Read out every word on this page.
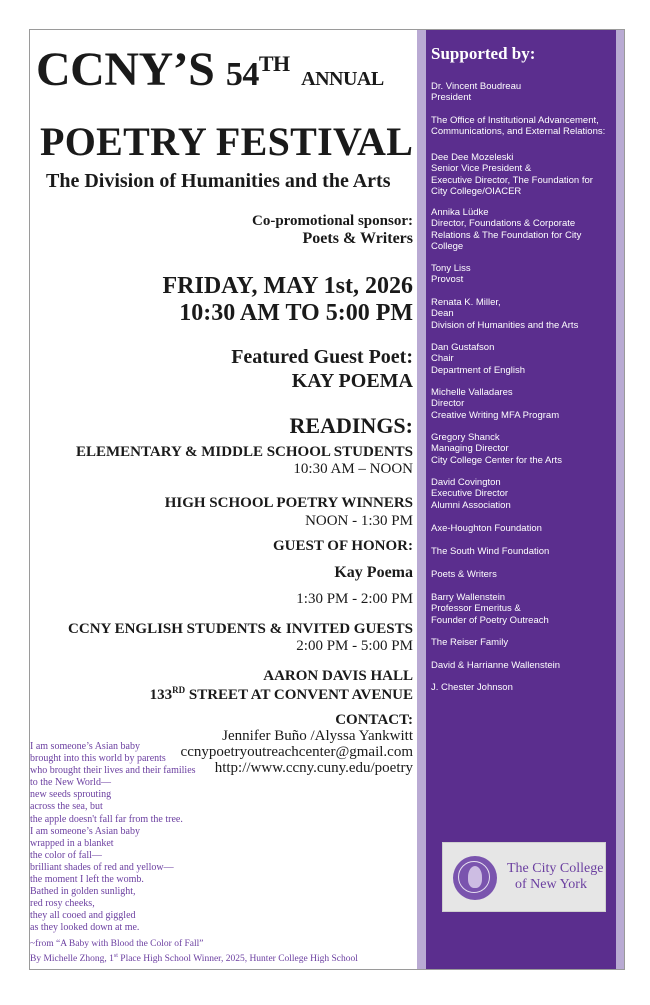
CCNY’S 54TH ANNUAL
POETRY FESTIVAL
The Division of Humanities and the Arts
Co-promotional sponsor:
Poets & Writers
FRIDAY, MAY 1st, 2026
10:30 AM TO 5:00 PM
Featured Guest Poet:
KAY POEMA
READINGS:
ELEMENTARY & MIDDLE SCHOOL STUDENTS
10:30 AM – NOON
HIGH SCHOOL POETRY WINNERS
NOON - 1:30 PM
GUEST OF HONOR:
Kay Poema
1:30 PM - 2:00 PM
CCNY ENGLISH STUDENTS & INVITED GUESTS
2:00 PM - 5:00 PM
AARON DAVIS HALL
133RD STREET AT CONVENT AVENUE
CONTACT:
Jennifer Buño /Alyssa Yankwitt
ccnypoetryoutreachcenter@gmail.com
http://www.ccny.cuny.edu/poetry
I am someone’s Asian baby
brought into this world by parents
who brought their lives and their families
to the New World—
new seeds sprouting
across the sea, but
the apple doesn't fall far from the tree.
I am someone’s Asian baby
wrapped in a blanket
the color of fall—
brilliant shades of red and yellow—
the moment I left the womb.
Bathed in golden sunlight,
red rosy cheeks,
they all cooed and giggled
as they looked down at me.
~from “A Baby with Blood the Color of Fall”
By Michelle Zhong, 1st Place High School Winner, 2025, Hunter College High School
Supported by:
Dr. Vincent Boudreau
President
The Office of Institutional Advancement,
Communications, and External Relations:
Dee Dee Mozeleski
Senior Vice President &
Executive Director, The Foundation for
City College/OIACER
Annika Lüdke
Director, Foundations & Corporate
Relations & The Foundation for City
College
Tony Liss
Provost
Renata K. Miller,
Dean
Division of Humanities and the Arts
Dan Gustafson
Chair
Department of English
Michelle Valladares
Director
Creative Writing MFA Program
Gregory Shanck
Managing Director
City College Center for the Arts
David Covington
Executive Director
Alumni Association
Axe-Houghton Foundation
The South Wind Foundation
Poets & Writers
Barry Wallenstein
Professor Emeritus &
Founder of Poetry Outreach
The Reiser Family
David & Harrianne Wallenstein
J. Chester Johnson
The City College
of New York
